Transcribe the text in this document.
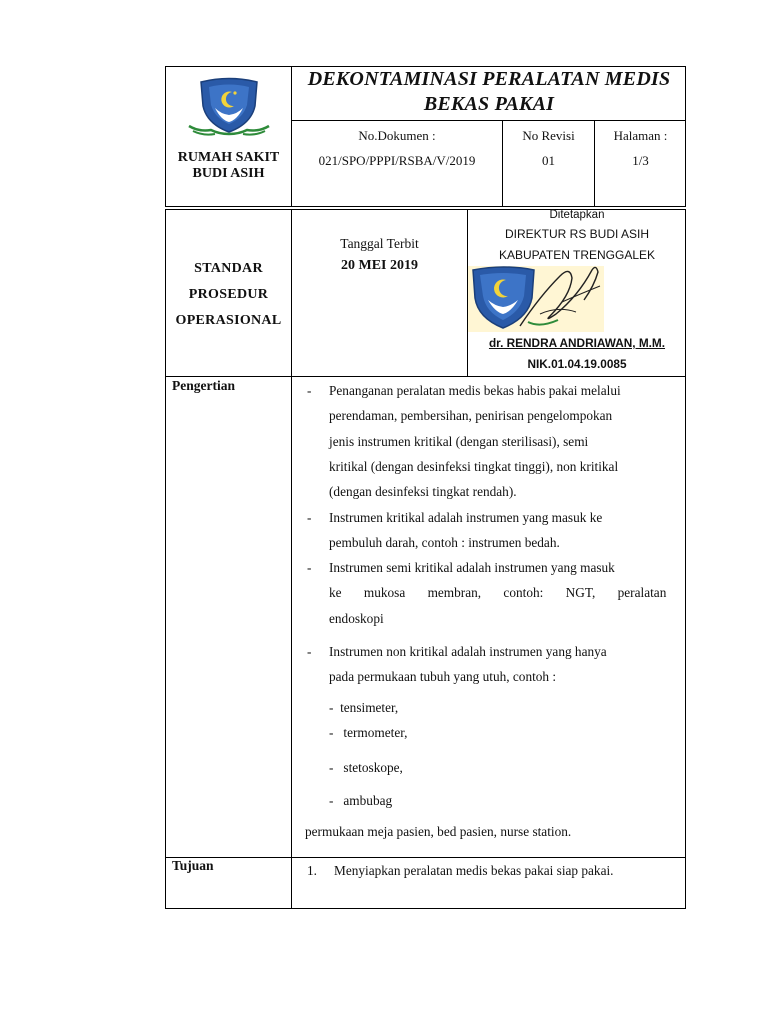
RUMAH SAKIT
BUDI ASIH
DEKONTAMINASI PERALATAN MEDIS
BEKAS PAKAI
No.Dokumen :
021/SPO/PPPI/RSBA/V/2019
No Revisi
01
Halaman :
1/3
STANDAR
PROSEDUR
OPERASIONAL
Tanggal Terbit
20 MEI 2019
Ditetapkan
DIREKTUR RS BUDI ASIH
KABUPATEN TRENGGALEK
dr. RENDRA ANDRIAWAN, M.M.
NIK.01.04.19.0085
Pengertian	Penanganan peralatan medis bekas habis pakai melalui
perendaman, pembersihan, penirisan pengelompokan
jenis instrumen kritikal (dengan sterilisasi), semi
kritikal (dengan desinfeksi tingkat tinggi), non kritikal
(dengan desinfeksi tingkat rendah).
-
Instrumen kritikal adalah instrumen yang masuk ke
pembuluh darah, contoh : instrumen bedah.
-
Instrumen semi kritikal adalah instrumen yang masuk
ke mukosa membran, contoh: NGT, peralatan
endoskopi
-
Instrumen non kritikal adalah instrumen yang hanya
pada permukaan tubuh yang utuh, contoh :
-

-  tensimeter,

-   termometer,

-   stetoskope,

-   ambubag

permukaan meja pasien, bed pasien, nurse station.
Tujuan	1. Menyiapkan peralatan medis bekas pakai siap pakai.
